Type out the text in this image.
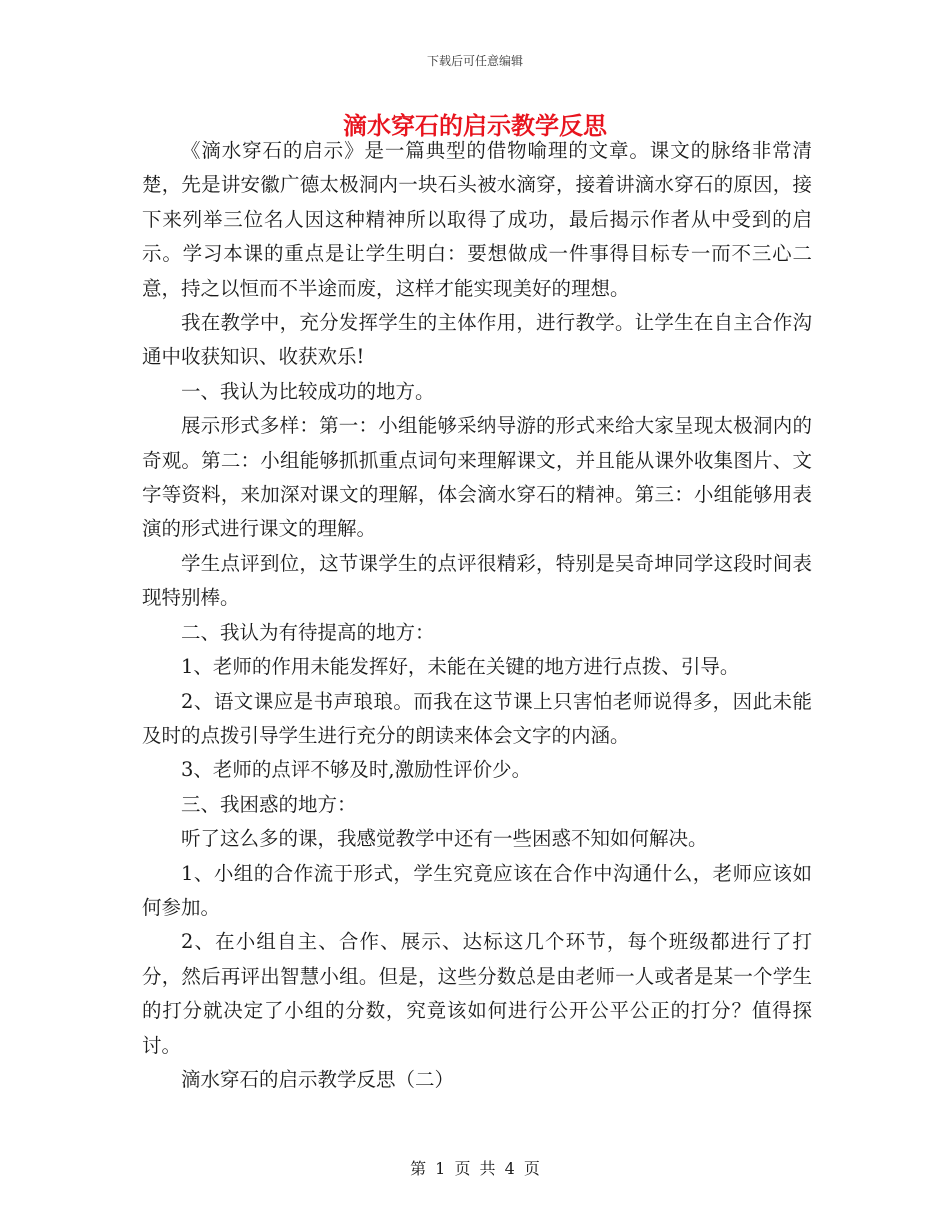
下载后可任意编辑
滴水穿石的启示教学反思

《滴水穿石的启示》是一篇典型的借物喻理的文章。课文的脉络非常清楚，先是讲安徽广德太极洞内一块石头被水滴穿，接着讲滴水穿石的原因，接下来列举三位名人因这种精神所以取得了成功，最后揭示作者从中受到的启示。学习本课的重点是让学生明白：要想做成一件事得目标专一而不三心二意，持之以恒而不半途而废，这样才能实现美好的理想。

我在教学中，充分发挥学生的主体作用，进行教学。让学生在自主合作沟通中收获知识、收获欢乐!

一、我认为比较成功的地方。

展示形式多样：第一：小组能够采纳导游的形式来给大家呈现太极洞内的奇观。第二：小组能够抓抓重点词句来理解课文，并且能从课外收集图片、文字等资料，来加深对课文的理解，体会滴水穿石的精神。第三：小组能够用表演的形式进行课文的理解。

学生点评到位，这节课学生的点评很精彩，特别是吴奇坤同学这段时间表现特别棒。

二、我认为有待提高的地方：

1、老师的作用未能发挥好，未能在关键的地方进行点拨、引导。

2、语文课应是书声琅琅。而我在这节课上只害怕老师说得多，因此未能及时的点拨引导学生进行充分的朗读来体会文字的内涵。

3、老师的点评不够及时,激励性评价少。

三、我困惑的地方：

听了这么多的课，我感觉教学中还有一些困惑不知如何解决。

1、小组的合作流于形式，学生究竟应该在合作中沟通什么，老师应该如何参加。

2、在小组自主、合作、展示、达标这几个环节，每个班级都进行了打分，然后再评出智慧小组。但是，这些分数总是由老师一人或者是某一个学生的打分就决定了小组的分数，究竟该如何进行公开公平公正的打分？值得探讨。

滴水穿石的启示教学反思（二）

第 1 页 共 4 页
